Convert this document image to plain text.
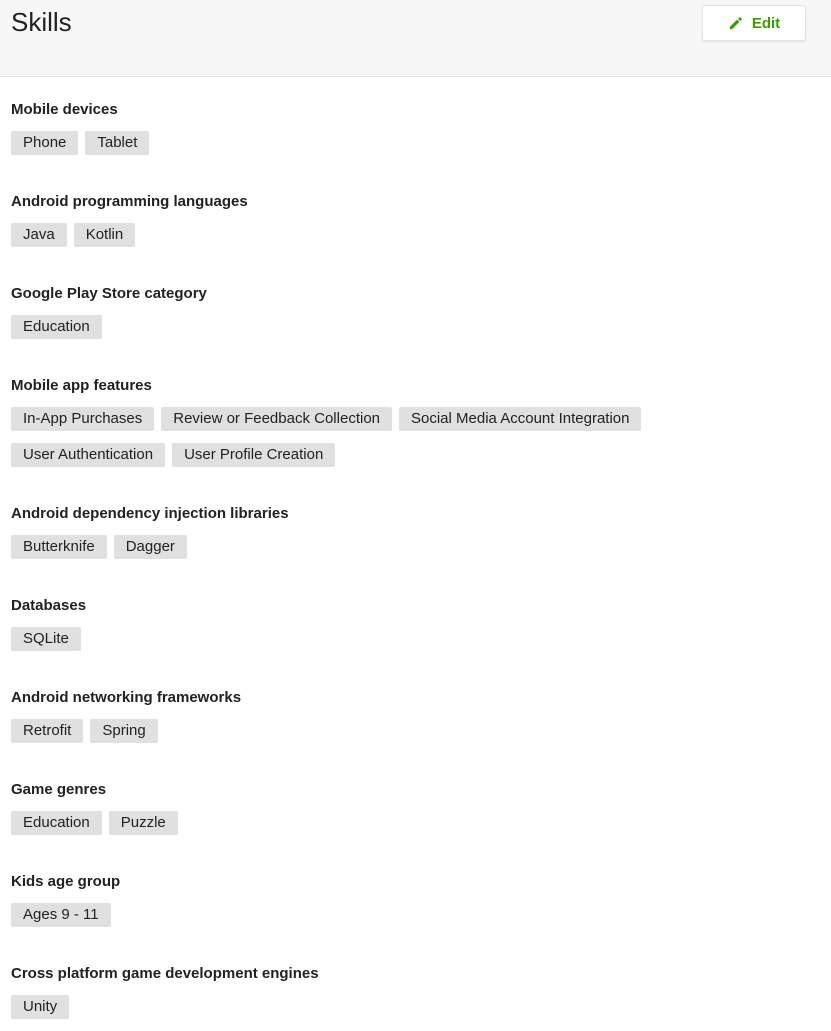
Skills	Edit
Mobile devices
Phone	Tablet
Android programming languages
Java	Kotlin
Google Play Store category
Education
Mobile app features
In-App Purchases	Review or Feedback Collection	Social Media Account Integration
User Authentication	User Profile Creation
Android dependency injection libraries
Butterknife	Dagger
Databases
SQLite
Android networking frameworks
Retrofit	Spring
Game genres
Education	Puzzle
Kids age group
Ages 9 - 11
Cross platform game development engines
Unity
